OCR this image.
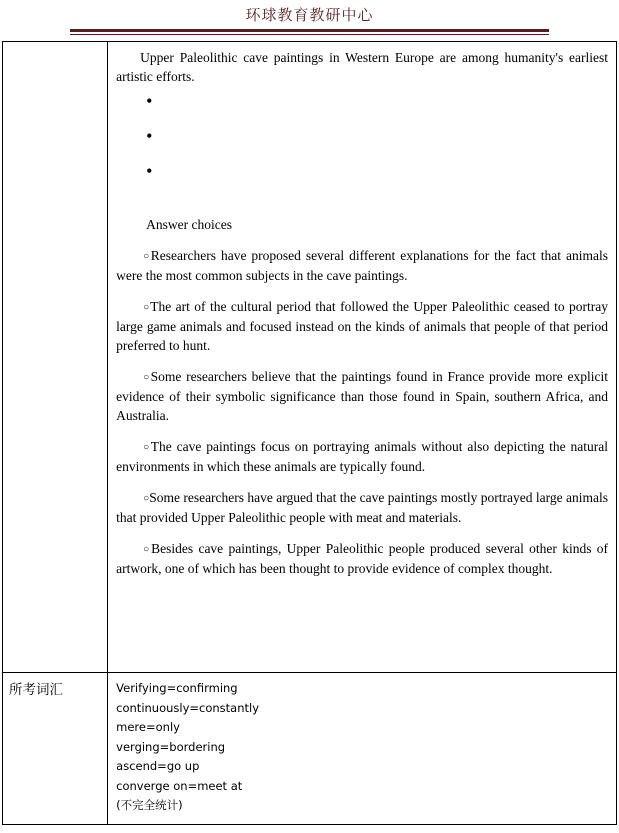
环球教育教研中心

Upper Paleolithic cave paintings in Western Europe are among humanity's earliest artistic efforts.

•
•
•

Answer choices

○Researchers have proposed several different explanations for the fact that animals were the most common subjects in the cave paintings.

○The art of the cultural period that followed the Upper Paleolithic ceased to portray large game animals and focused instead on the kinds of animals that people of that period preferred to hunt.

○Some researchers believe that the paintings found in France provide more explicit evidence of their symbolic significance than those found in Spain, southern Africa, and Australia.

○The cave paintings focus on portraying animals without also depicting the natural environments in which these animals are typically found.

○Some researchers have argued that the cave paintings mostly portrayed large animals that provided Upper Paleolithic people with meat and materials.

○Besides cave paintings, Upper Paleolithic people produced several other kinds of artwork, one of which has been thought to provide evidence of complex thought.

所考词汇	Verifying=confirming
continuously=constantly
mere=only
verging=bordering
ascend=go up
converge on=meet at
(不完全统计)
